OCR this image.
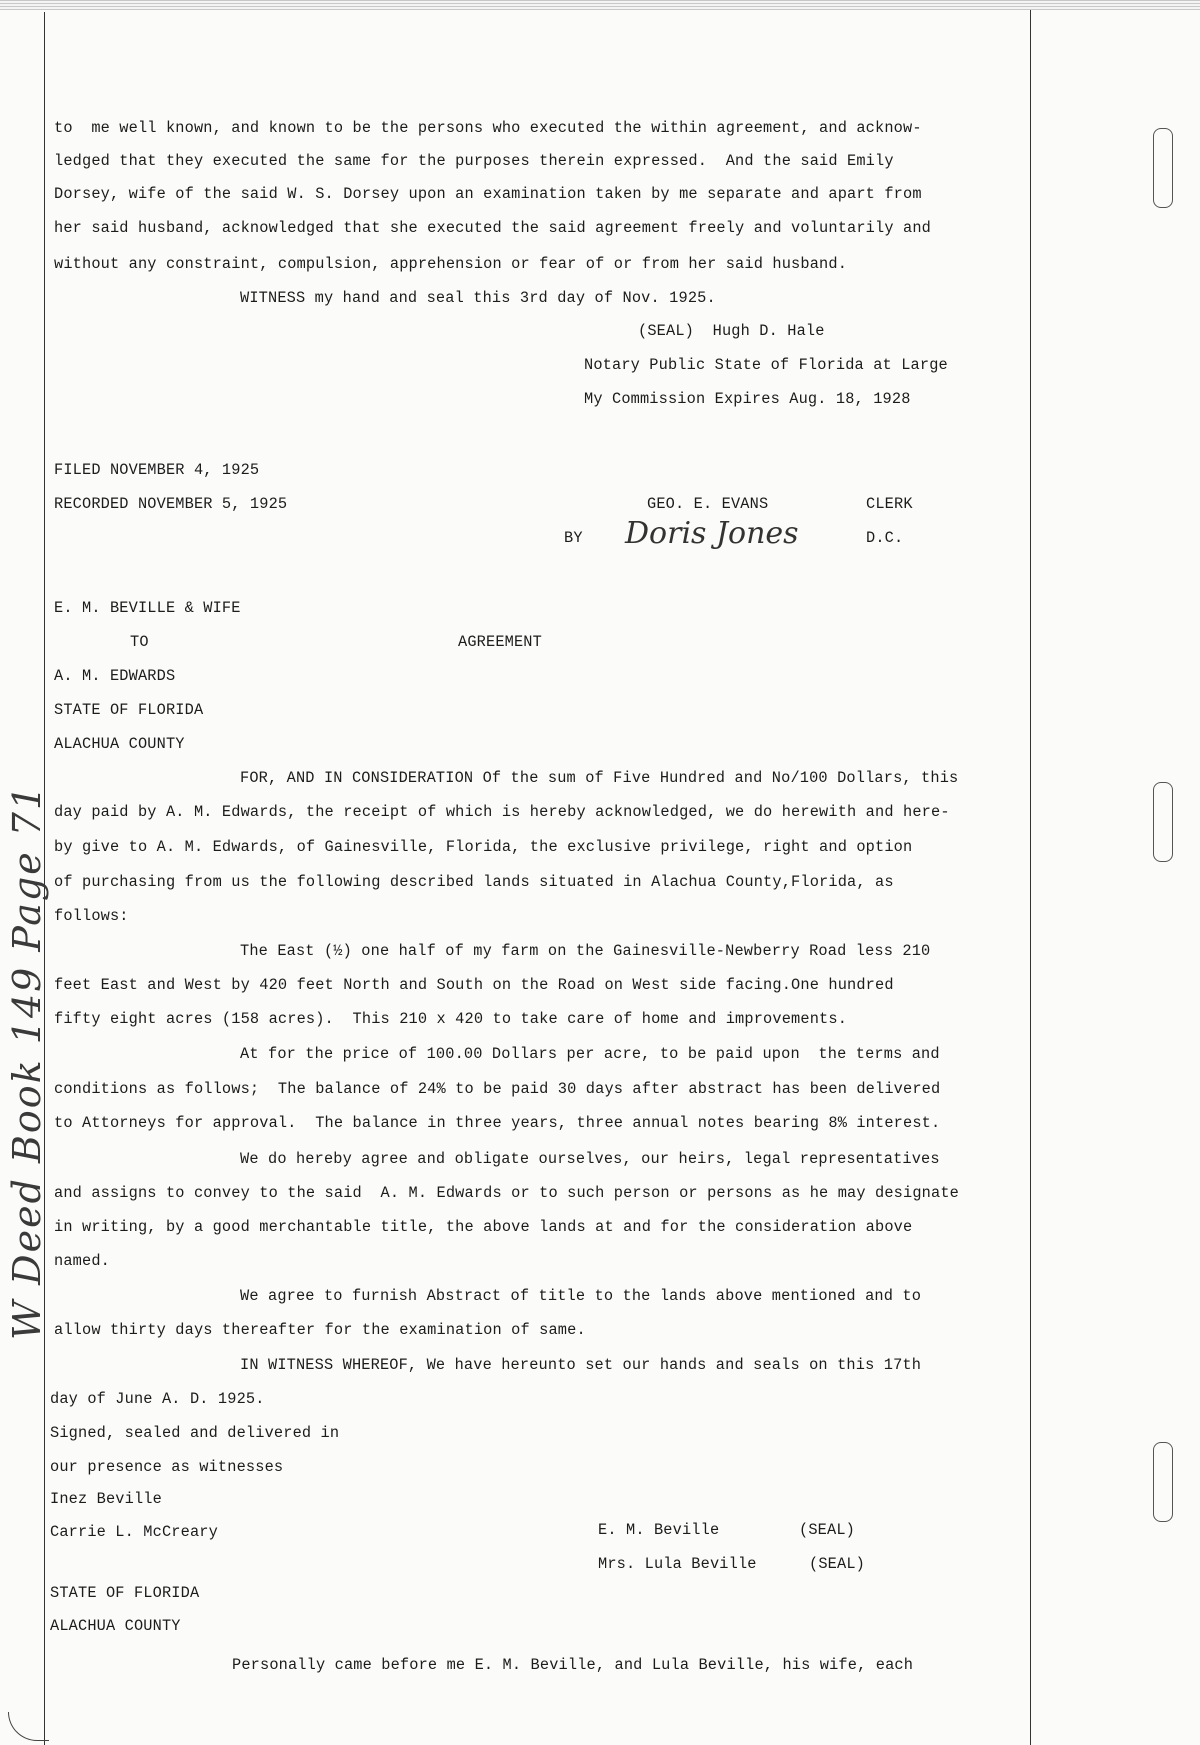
W Deed Book 149 Page 71
to  me well known, and known to be the persons who executed the within agreement, and acknow-
ledged that they executed the same for the purposes therein expressed.  And the said Emily
Dorsey, wife of the said W. S. Dorsey upon an examination taken by me separate and apart from
her said husband, acknowledged that she executed the said agreement freely and voluntarily and
without any constraint, compulsion, apprehension or fear of or from her said husband.
WITNESS my hand and seal this 3rd day of Nov. 1925.
(SEAL)  Hugh D. Hale
Notary Public State of Florida at Large
My Commission Expires Aug. 18, 1928
FILED NOVEMBER 4, 1925
RECORDED NOVEMBER 5, 1925	GEO. E. EVANS	CLERK
BY Doris Jones	D.C.
E. M. BEVILLE & WIFE
TO	AGREEMENT
A. M. EDWARDS
STATE OF FLORIDA
ALACHUA COUNTY
FOR, AND IN CONSIDERATION Of the sum of Five Hundred and No/100 Dollars, this
day paid by A. M. Edwards, the receipt of which is hereby acknowledged, we do herewith and here-
by give to A. M. Edwards, of Gainesville, Florida, the exclusive privilege, right and option
of purchasing from us the following described lands situated in Alachua County,Florida, as
follows:
The East (½) one half of my farm on the Gainesville-Newberry Road less 210
feet East and West by 420 feet North and South on the Road on West side facing.One hundred
fifty eight acres (158 acres).  This 210 x 420 to take care of home and improvements.
At for the price of 100.00 Dollars per acre, to be paid upon  the terms and
conditions as follows;  The balance of 24% to be paid 30 days after abstract has been delivered
to Attorneys for approval.  The balance in three years, three annual notes bearing 8% interest.
We do hereby agree and obligate ourselves, our heirs, legal representatives
and assigns to convey to the said  A. M. Edwards or to such person or persons as he may designate
in writing, by a good merchantable title, the above lands at and for the consideration above
named.
We agree to furnish Abstract of title to the lands above mentioned and to
allow thirty days thereafter for the examination of same.
IN WITNESS WHEREOF, We have hereunto set our hands and seals on this 17th
day of June A. D. 1925.
Signed, sealed and delivered in
our presence as witnesses
Inez Beville
Carrie L. McCreary	E. M. Beville	(SEAL)
Mrs. Lula Beville	(SEAL)
STATE OF FLORIDA
ALACHUA COUNTY
Personally came before me E. M. Beville, and Lula Beville, his wife, each
